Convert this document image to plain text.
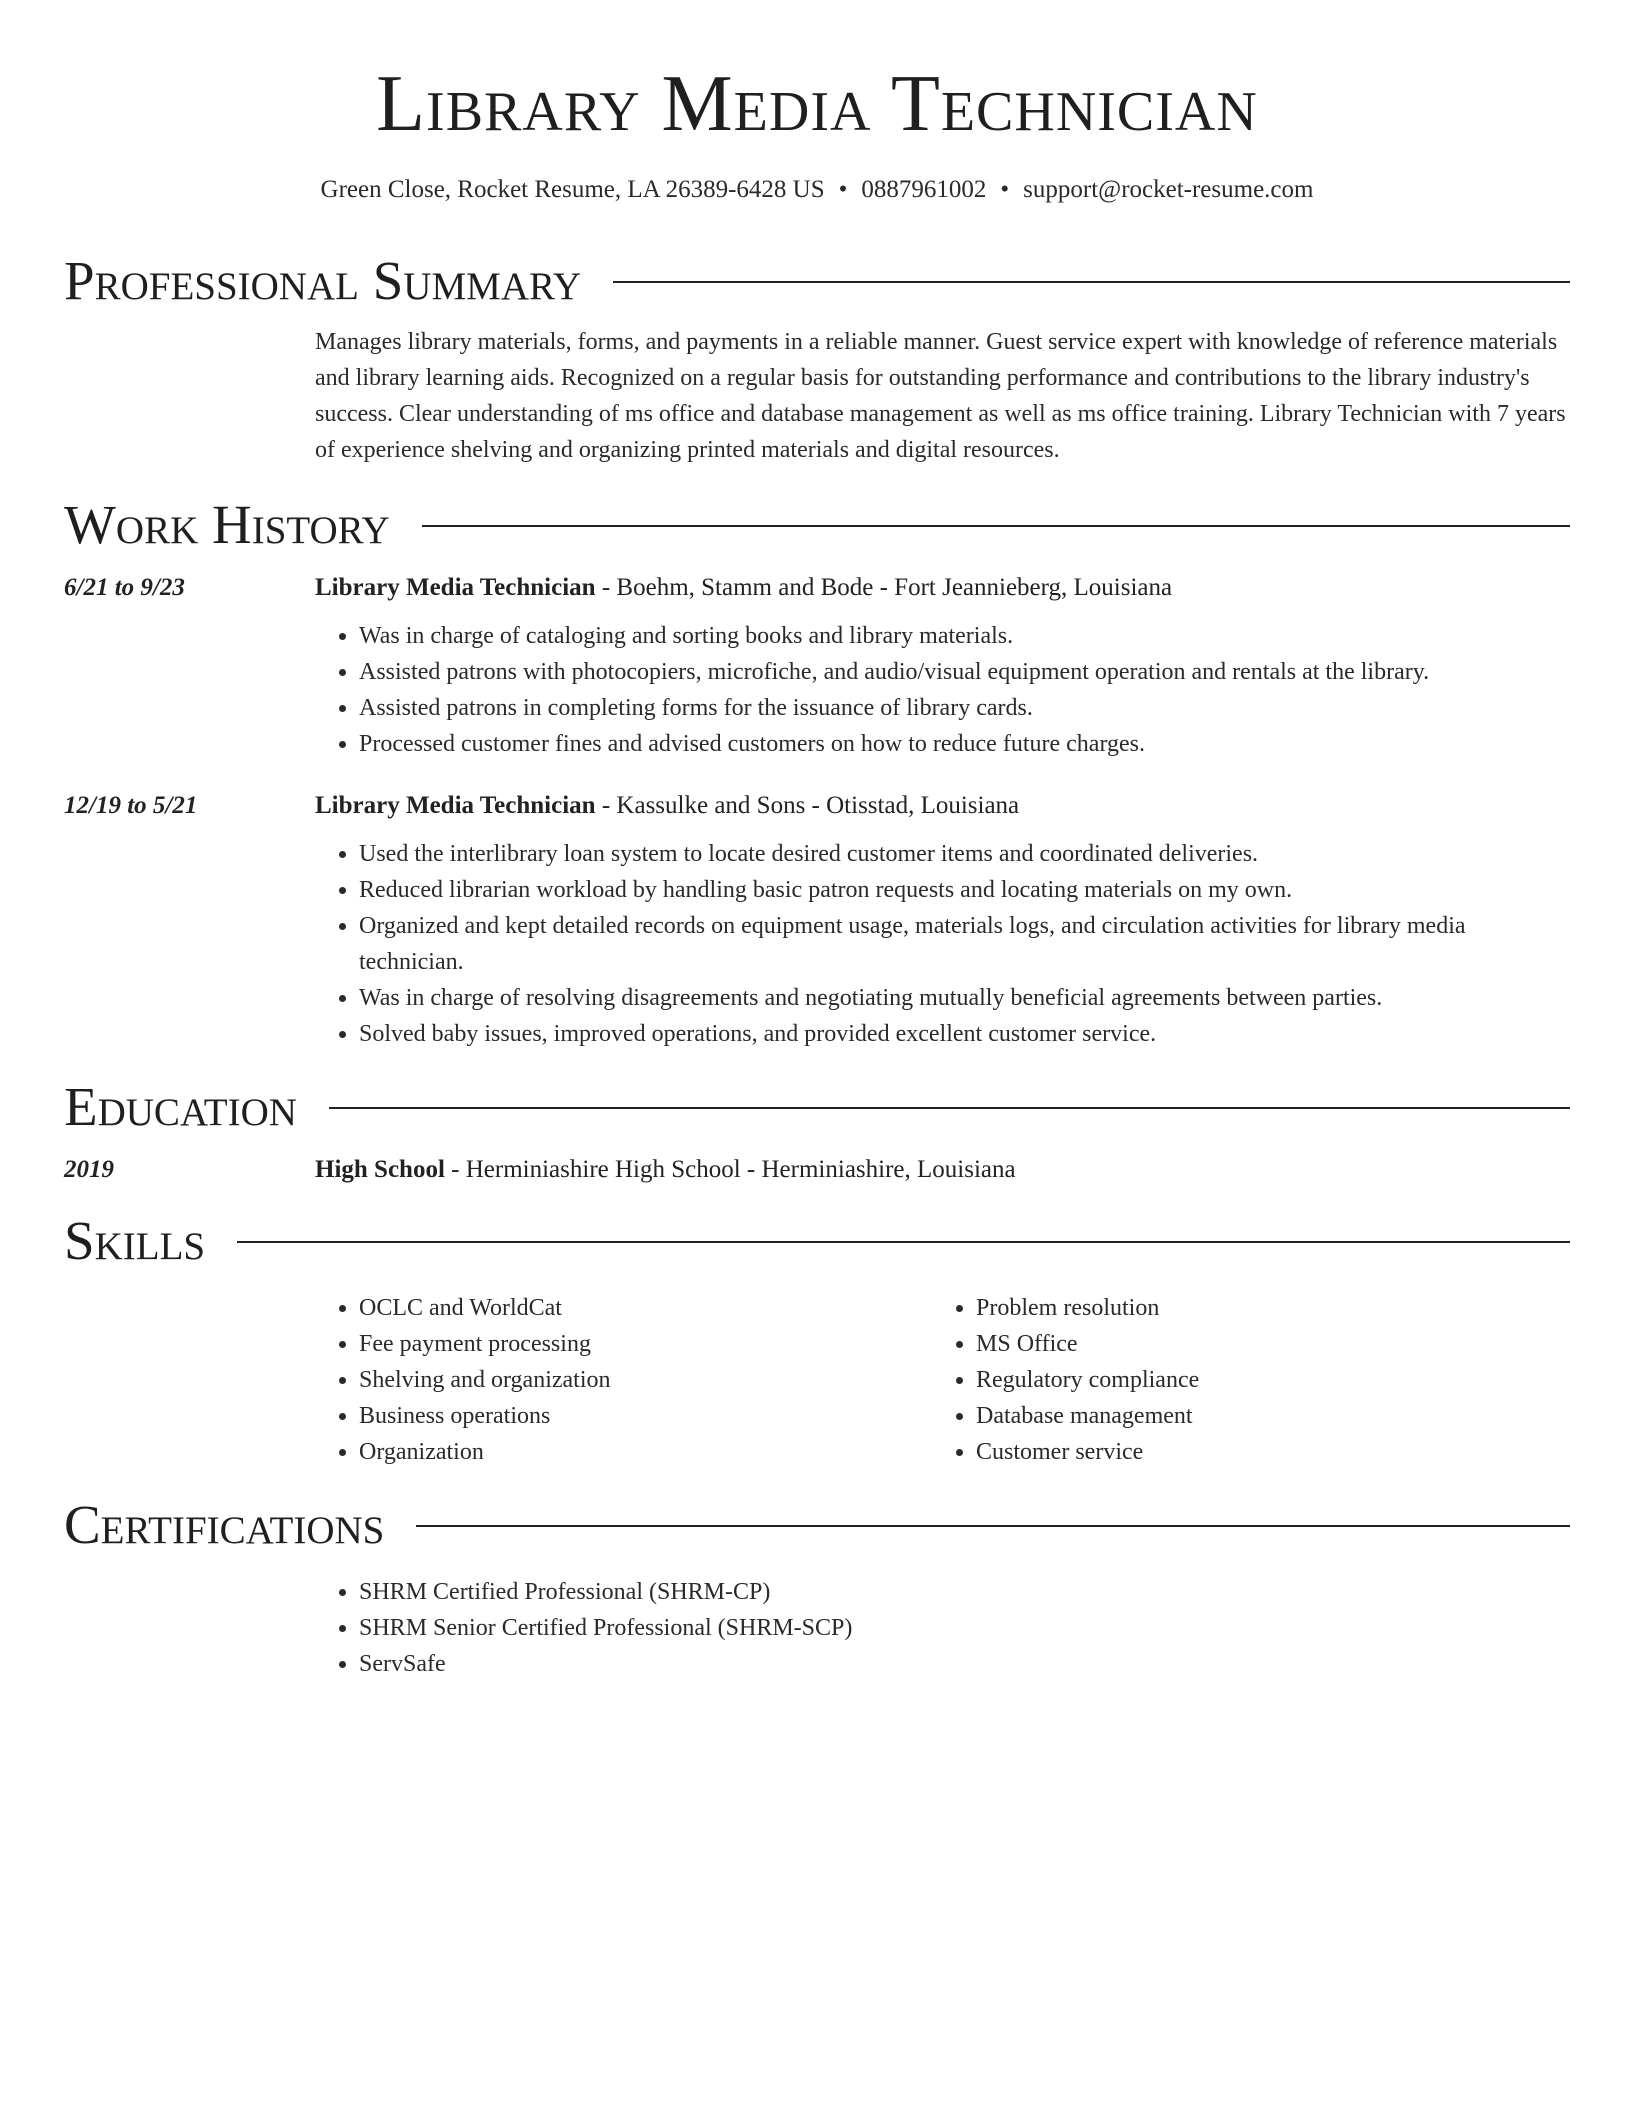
Library Media Technician
Green Close, Rocket Resume, LA 26389-6428 US • 0887961002 • support@rocket-resume.com
Professional Summary
Manages library materials, forms, and payments in a reliable manner. Guest service expert with knowledge of reference materials and library learning aids. Recognized on a regular basis for outstanding performance and contributions to the library industry's success. Clear understanding of ms office and database management as well as ms office training. Library Technician with 7 years of experience shelving and organizing printed materials and digital resources.
Work History
6/21 to 9/23	Library Media Technician - Boehm, Stamm and Bode - Fort Jeannieberg, Louisiana
• Was in charge of cataloging and sorting books and library materials.
• Assisted patrons with photocopiers, microfiche, and audio/visual equipment operation and rentals at the library.
• Assisted patrons in completing forms for the issuance of library cards.
• Processed customer fines and advised customers on how to reduce future charges.
12/19 to 5/21	Library Media Technician - Kassulke and Sons - Otisstad, Louisiana
• Used the interlibrary loan system to locate desired customer items and coordinated deliveries.
• Reduced librarian workload by handling basic patron requests and locating materials on my own.
• Organized and kept detailed records on equipment usage, materials logs, and circulation activities for library media technician.
• Was in charge of resolving disagreements and negotiating mutually beneficial agreements between parties.
• Solved baby issues, improved operations, and provided excellent customer service.
Education
2019	High School - Herminiashire High School - Herminiashire, Louisiana
Skills
• OCLC and WorldCat
• Fee payment processing
• Shelving and organization
• Business operations
• Organization
• Problem resolution
• MS Office
• Regulatory compliance
• Database management
• Customer service
Certifications
• SHRM Certified Professional (SHRM-CP)
• SHRM Senior Certified Professional (SHRM-SCP)
• ServSafe
